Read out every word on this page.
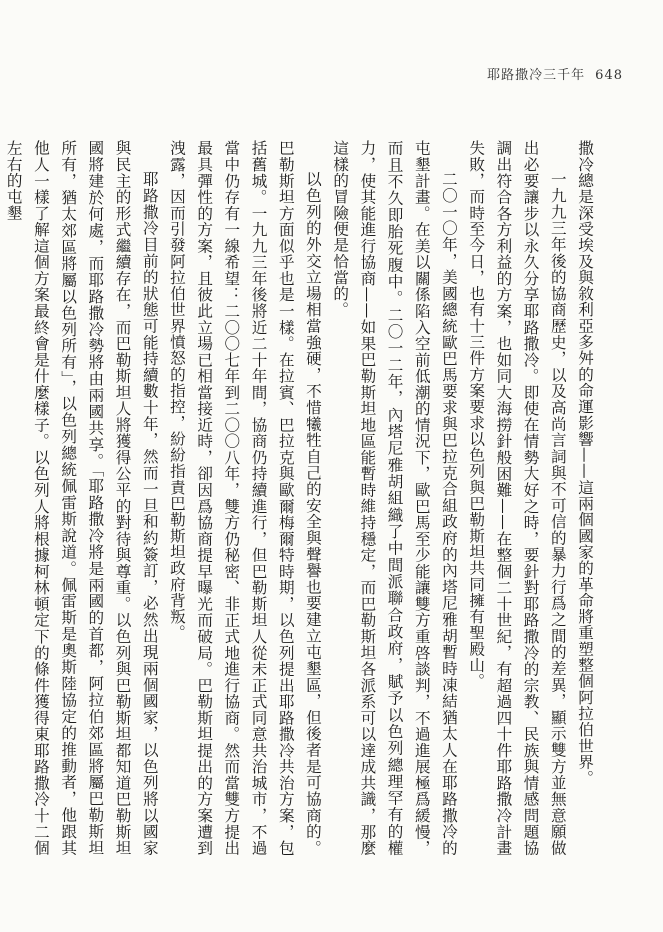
耶路撒冷三千年 648

撒冷總是深受埃及與敘利亞多舛的命運影響——這兩個國家的革命將重塑整個阿拉伯世界。

一九九三年後的協商歷史，以及高尚言詞與不可信的暴力行爲之間的差異，顯示雙方並無意願做出必要讓步以永久分享耶路撒冷。即使在情勢大好之時，要針對耶路撒冷的宗教、民族與情感問題協調出符合各方利益的方案，也如同大海撈針般困難——在整個二十世紀，有超過四十件耶路撒冷計畫失敗，而時至今日，也有十三件方案要求以色列與巴勒斯坦共同擁有聖殿山。

二〇一〇年，美國總統歐巴馬要求與巴拉克合組政府的內塔尼雅胡暫時凍結猶太人在耶路撒冷的屯墾計畫。在美以關係陷入空前低潮的情況下，歐巴馬至少能讓雙方重啓談判，不過進展極爲緩慢，而且不久即胎死腹中。二〇一二年，內塔尼雅胡組織了中間派聯合政府，賦予以色列總理罕有的權力，使其能進行協商——如果巴勒斯坦地區能暫時維持穩定，而巴勒斯坦各派系可以達成共識，那麼這樣的冒險便是恰當的。

以色列的外交立場相當強硬，不惜犧牲自己的安全與聲譽也要建立屯墾區，但後者是可協商的。巴勒斯坦方面似乎也是一樣。在拉賓、巴拉克與歐爾梅爾特時期，以色列提出耶路撒冷共治方案，包括舊城。一九九三年後將近二十年間，協商仍持續進行，但巴勒斯坦人從未正式同意共治城市，不過當中仍存有一線希望：二〇〇七年到二〇〇八年，雙方仍秘密、非正式地進行協商。然而當雙方提出最具彈性的方案，且彼此立場已相當接近時，卻因爲協商提早曝光而破局。巴勒斯坦提出的方案遭到洩露，因而引發阿拉伯世界憤怒的指控，紛紛指責巴勒斯坦政府背叛。

耶路撒冷目前的狀態可能持續數十年，然而一旦和約簽訂，必然出現兩個國家，以色列將以國家與民主的形式繼續存在，而巴勒斯坦人將獲得公平的對待與尊重。以色列與巴勒斯坦都知道巴勒斯坦國將建於何處，而耶路撒冷勢將由兩國共享。「耶路撒冷將是兩國的首都，阿拉伯郊區將屬巴勒斯坦所有，猶太郊區將屬以色列所有」，以色列總統佩雷斯說道。佩雷斯是奧斯陸協定的推動者，他跟其他人一樣了解這個方案最終會是什麼樣子。以色列人將根據柯林頓定下的條件獲得東耶路撒冷十二個左右的屯墾
